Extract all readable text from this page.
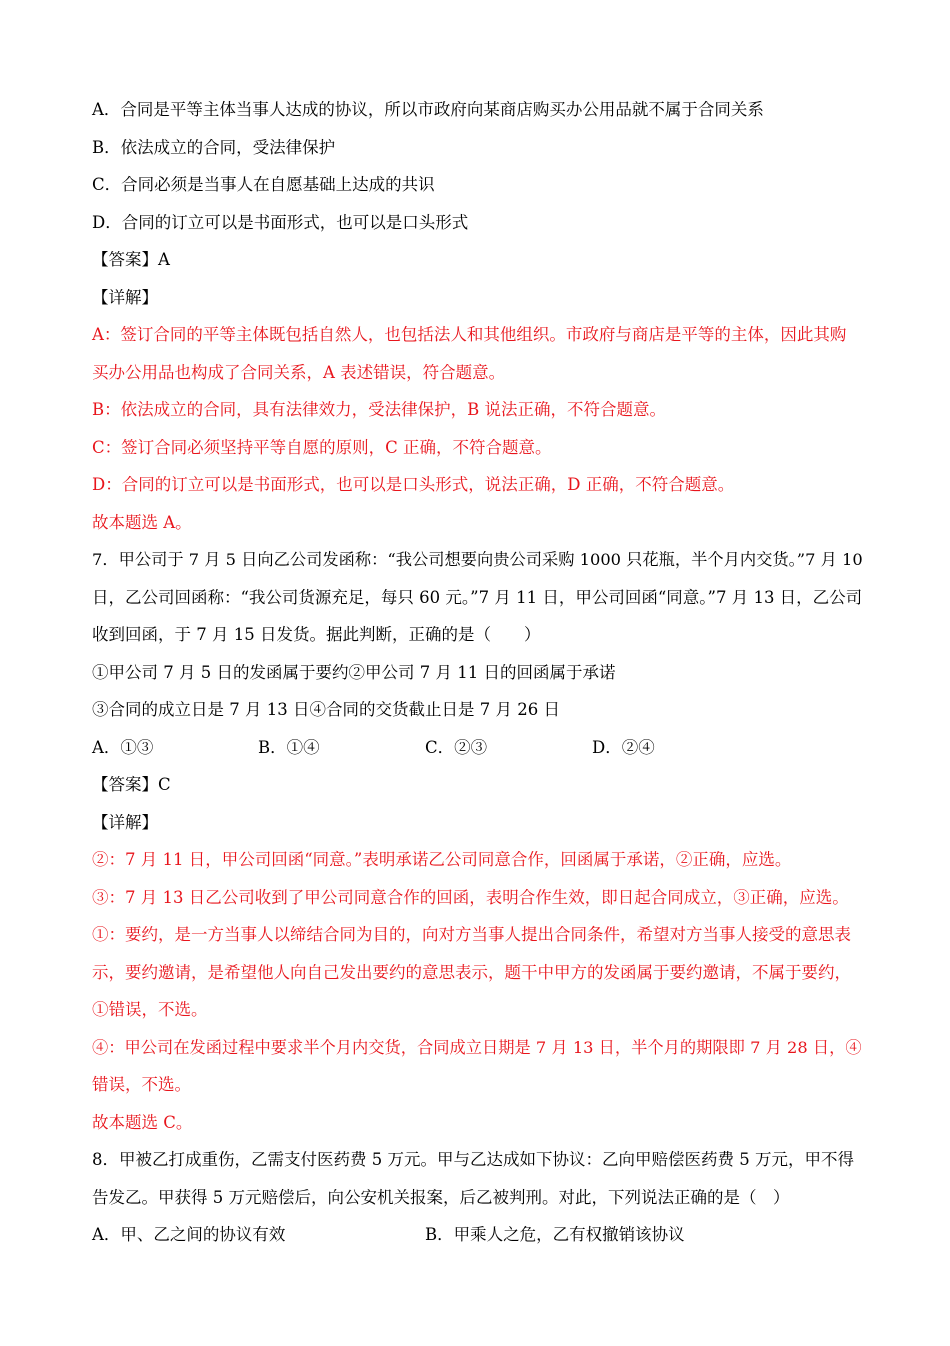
A．合同是平等主体当事人达成的协议，所以市政府向某商店购买办公用品就不属于合同关系
B．依法成立的合同，受法律保护
C．合同必须是当事人在自愿基础上达成的共识
D．合同的订立可以是书面形式，也可以是口头形式
【答案】A
【详解】
A：签订合同的平等主体既包括自然人，也包括法人和其他组织。市政府与商店是平等的主体，因此其购
买办公用品也构成了合同关系，A 表述错误，符合题意。
B：依法成立的合同，具有法律效力，受法律保护，B 说法正确，不符合题意。
C：签订合同必须坚持平等自愿的原则，C 正确，不符合题意。
D：合同的订立可以是书面形式，也可以是口头形式，说法正确，D 正确，不符合题意。
故本题选 A。
7．甲公司于 7 月 5 日向乙公司发函称：“我公司想要向贵公司采购 1000 只花瓶，半个月内交货。”7 月 10
日，乙公司回函称：“我公司货源充足，每只 60 元。”7 月 11 日，甲公司回函“同意。”7 月 13 日，乙公司
收到回函，于 7 月 15 日发货。据此判断，正确的是（　　）
①甲公司 7 月 5 日的发函属于要约②甲公司 7 月 11 日的回函属于承诺
③合同的成立日是 7 月 13 日④合同的交货截止日是 7 月 26 日
A．①③	B．①④	C．②③	D．②④
【答案】C
【详解】
②：7 月 11 日，甲公司回函“同意。”表明承诺乙公司同意合作，回函属于承诺，②正确，应选。
③：7 月 13 日乙公司收到了甲公司同意合作的回函，表明合作生效，即日起合同成立，③正确，应选。
①：要约，是一方当事人以缔结合同为目的，向对方当事人提出合同条件，希望对方当事人接受的意思表
示，要约邀请，是希望他人向自己发出要约的意思表示，题干中甲方的发函属于要约邀请，不属于要约，
①错误，不选。
④：甲公司在发函过程中要求半个月内交货，合同成立日期是 7 月 13 日，半个月的期限即 7 月 28 日，④
错误，不选。
故本题选 C。
8．甲被乙打成重伤，乙需支付医药费 5 万元。甲与乙达成如下协议：乙向甲赔偿医药费 5 万元，甲不得
告发乙。甲获得 5 万元赔偿后，向公安机关报案，后乙被判刑。对此，下列说法正确的是（　）
A．甲、乙之间的协议有效	B．甲乘人之危，乙有权撤销该协议
